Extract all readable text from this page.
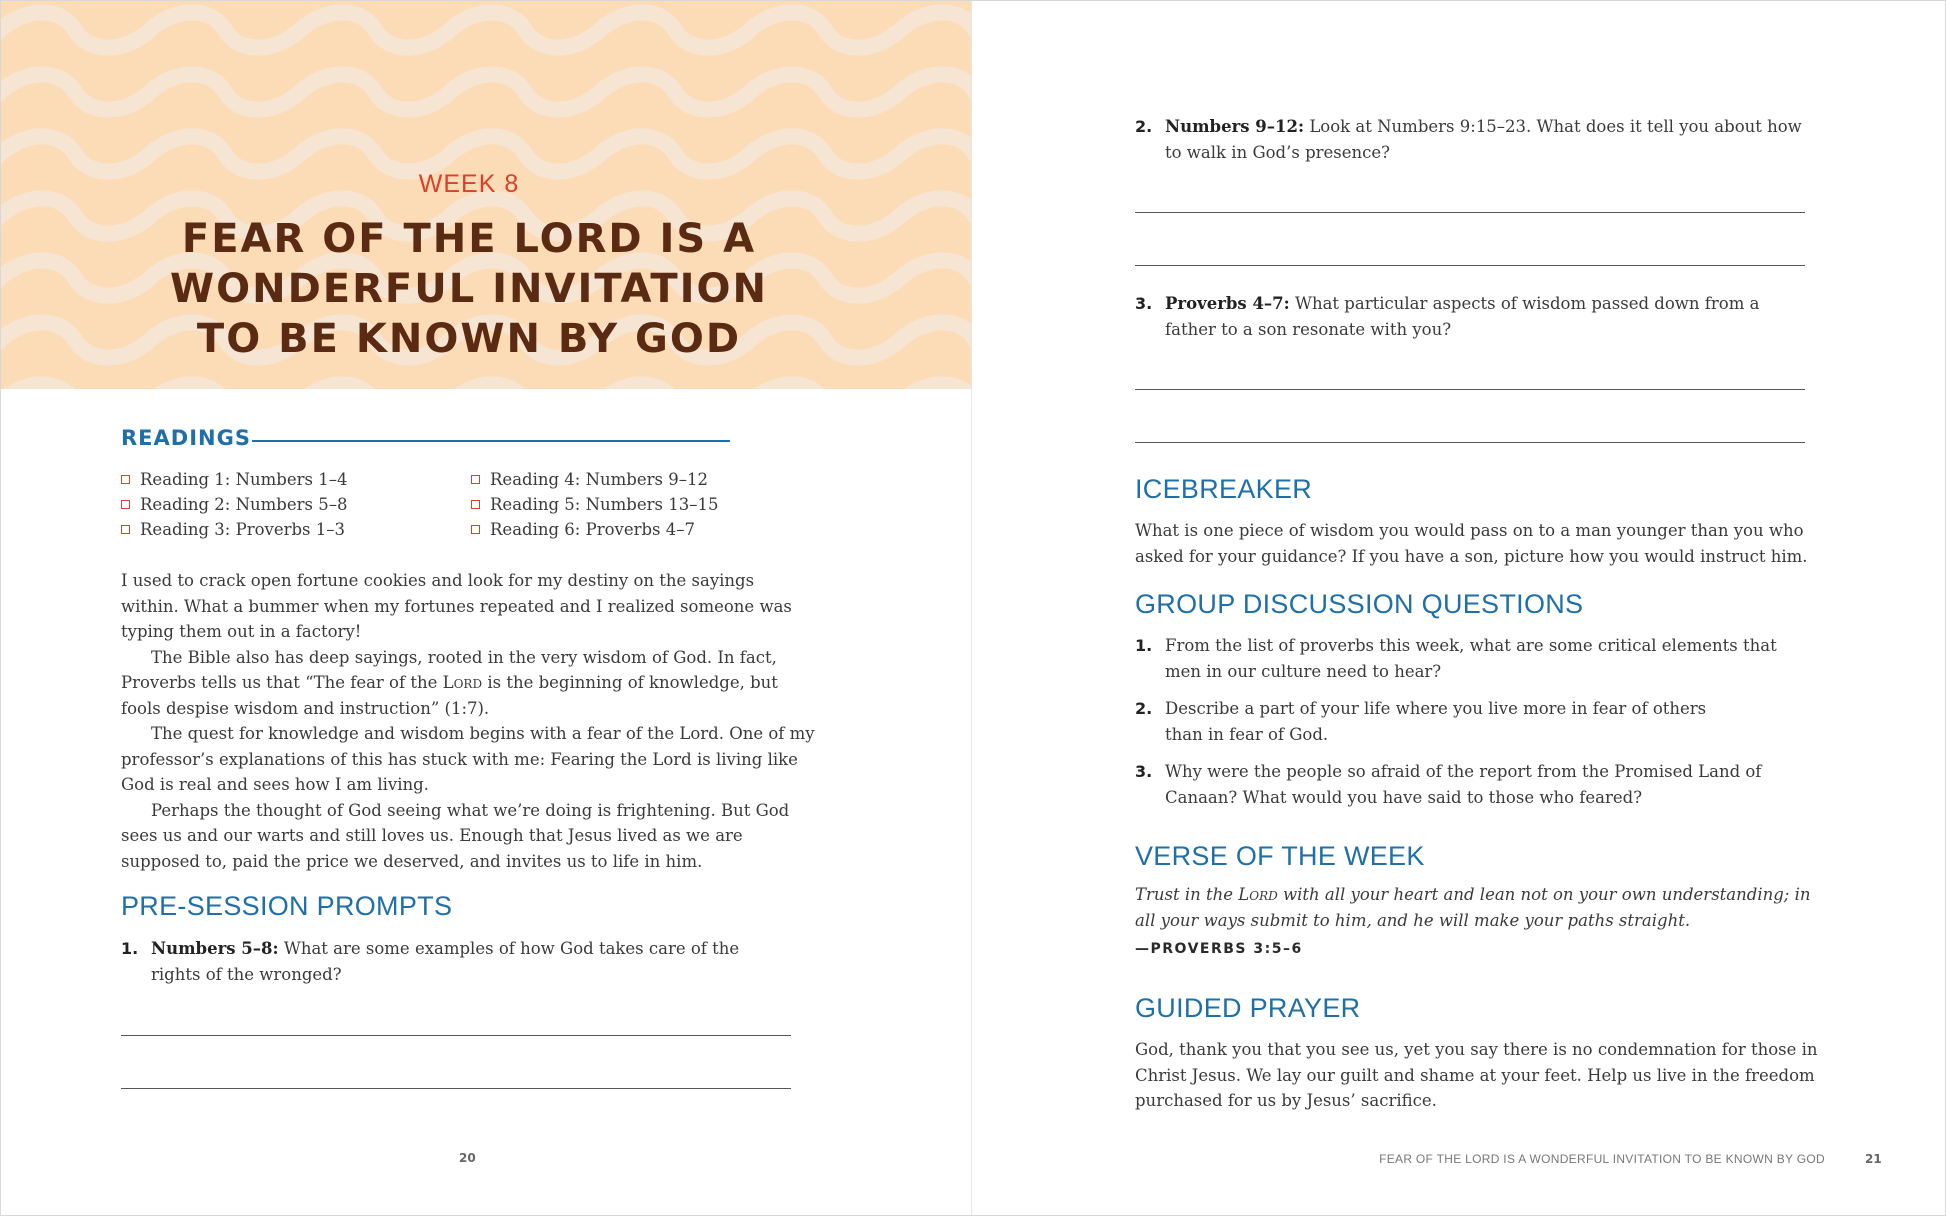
WEEK 8
FEAR OF THE LORD IS A
WONDERFUL INVITATION
TO BE KNOWN BY GOD
READINGS
Reading 1: Numbers 1–4
Reading 2: Numbers 5–8
Reading 3: Proverbs 1–3
Reading 4: Numbers 9–12
Reading 5: Numbers 13–15
Reading 6: Proverbs 4–7

I used to crack open fortune cookies and look for my destiny on the sayings within. What a bummer when my fortunes repeated and I realized someone was typing them out in a factory!

The Bible also has deep sayings, rooted in the very wisdom of God. In fact, Proverbs tells us that “The fear of the Lord is the beginning of knowledge, but fools despise wisdom and instruction” (1:7).

The quest for knowledge and wisdom begins with a fear of the Lord. One of my professor’s explanations of this has stuck with me: Fearing the Lord is living like God is real and sees how I am living.

Perhaps the thought of God seeing what we’re doing is frightening. But God sees us and our warts and still loves us. Enough that Jesus lived as we are supposed to, paid the price we deserved, and invites us to life in him.

PRE-SESSION PROMPTS
1. Numbers 5–8: What are some examples of how God takes care of the rights of the wronged?
20
2. Numbers 9–12: Look at Numbers 9:15–23. What does it tell you about how to walk in God’s presence?
3. Proverbs 4–7: What particular aspects of wisdom passed down from a father to a son resonate with you?
ICEBREAKER
What is one piece of wisdom you would pass on to a man younger than you who asked for your guidance? If you have a son, picture how you would instruct him.
GROUP DISCUSSION QUESTIONS
1. From the list of proverbs this week, what are some critical elements that men in our culture need to hear?
2. Describe a part of your life where you live more in fear of others than in fear of God.
3. Why were the people so afraid of the report from the Promised Land of Canaan? What would you have said to those who feared?
VERSE OF THE WEEK
21
Trust in the Lord with all your heart and lean not on your own understanding; in all your ways submit to him, and he will make your paths straight.
—PROVERBS 3:5–6
GUIDED PRAYER
God, thank you that you see us, yet you say there is no condemnation for those in Christ Jesus. We lay our guilt and shame at your feet. Help us live in the freedom purchased for us by Jesus’ sacrifice.
FEAR OF THE LORD IS A WONDERFUL INVITATION TO BE KNOWN BY GOD
